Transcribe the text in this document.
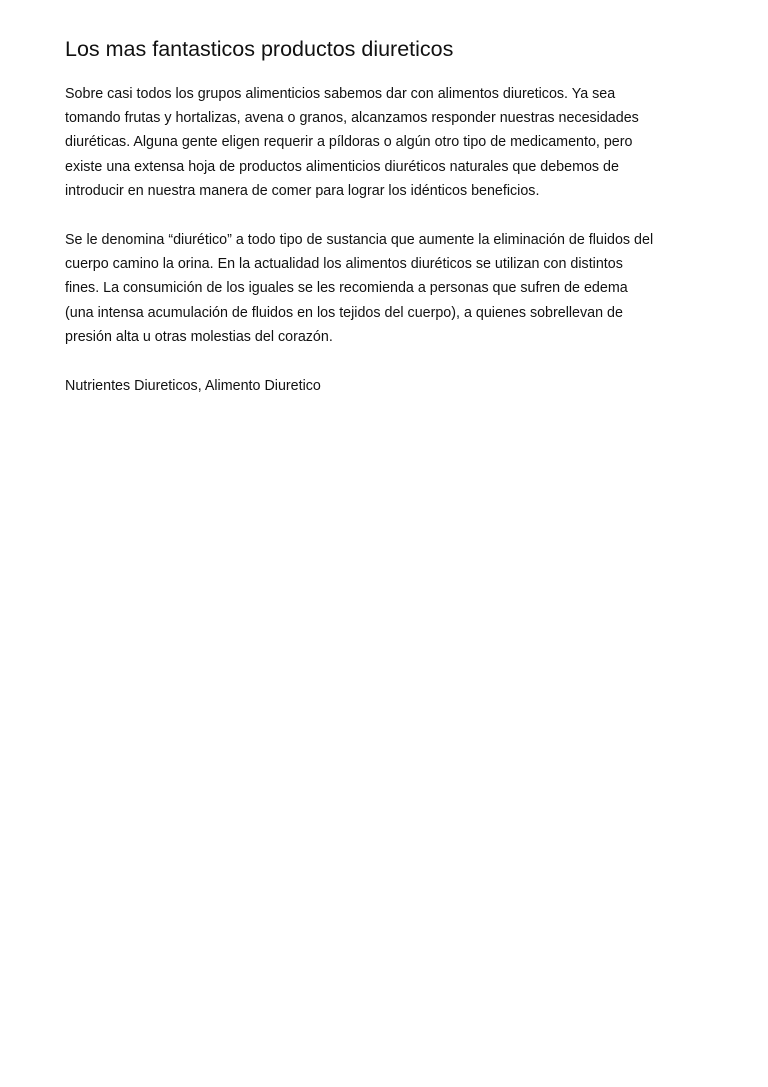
Los mas fantasticos productos diureticos

Sobre casi todos los grupos alimenticios sabemos dar con alimentos diureticos. Ya sea
tomando frutas y hortalizas, avena o granos, alcanzamos responder nuestras necesidades
diuréticas. Alguna gente eligen requerir a píldoras o algún otro tipo de medicamento, pero
existe una extensa hoja de productos alimenticios diuréticos naturales que debemos de
introducir en nuestra manera de comer para lograr los idénticos beneficios.

Se le denomina “diurético” a todo tipo de sustancia que aumente la eliminación de fluidos del
cuerpo camino la orina. En la actualidad los alimentos diuréticos se utilizan con distintos
fines. La consumición de los iguales se les recomienda a personas que sufren de edema
(una intensa acumulación de fluidos en los tejidos del cuerpo), a quienes sobrellevan de
presión alta u otras molestias del corazón.

Nutrientes Diureticos, Alimento Diuretico
